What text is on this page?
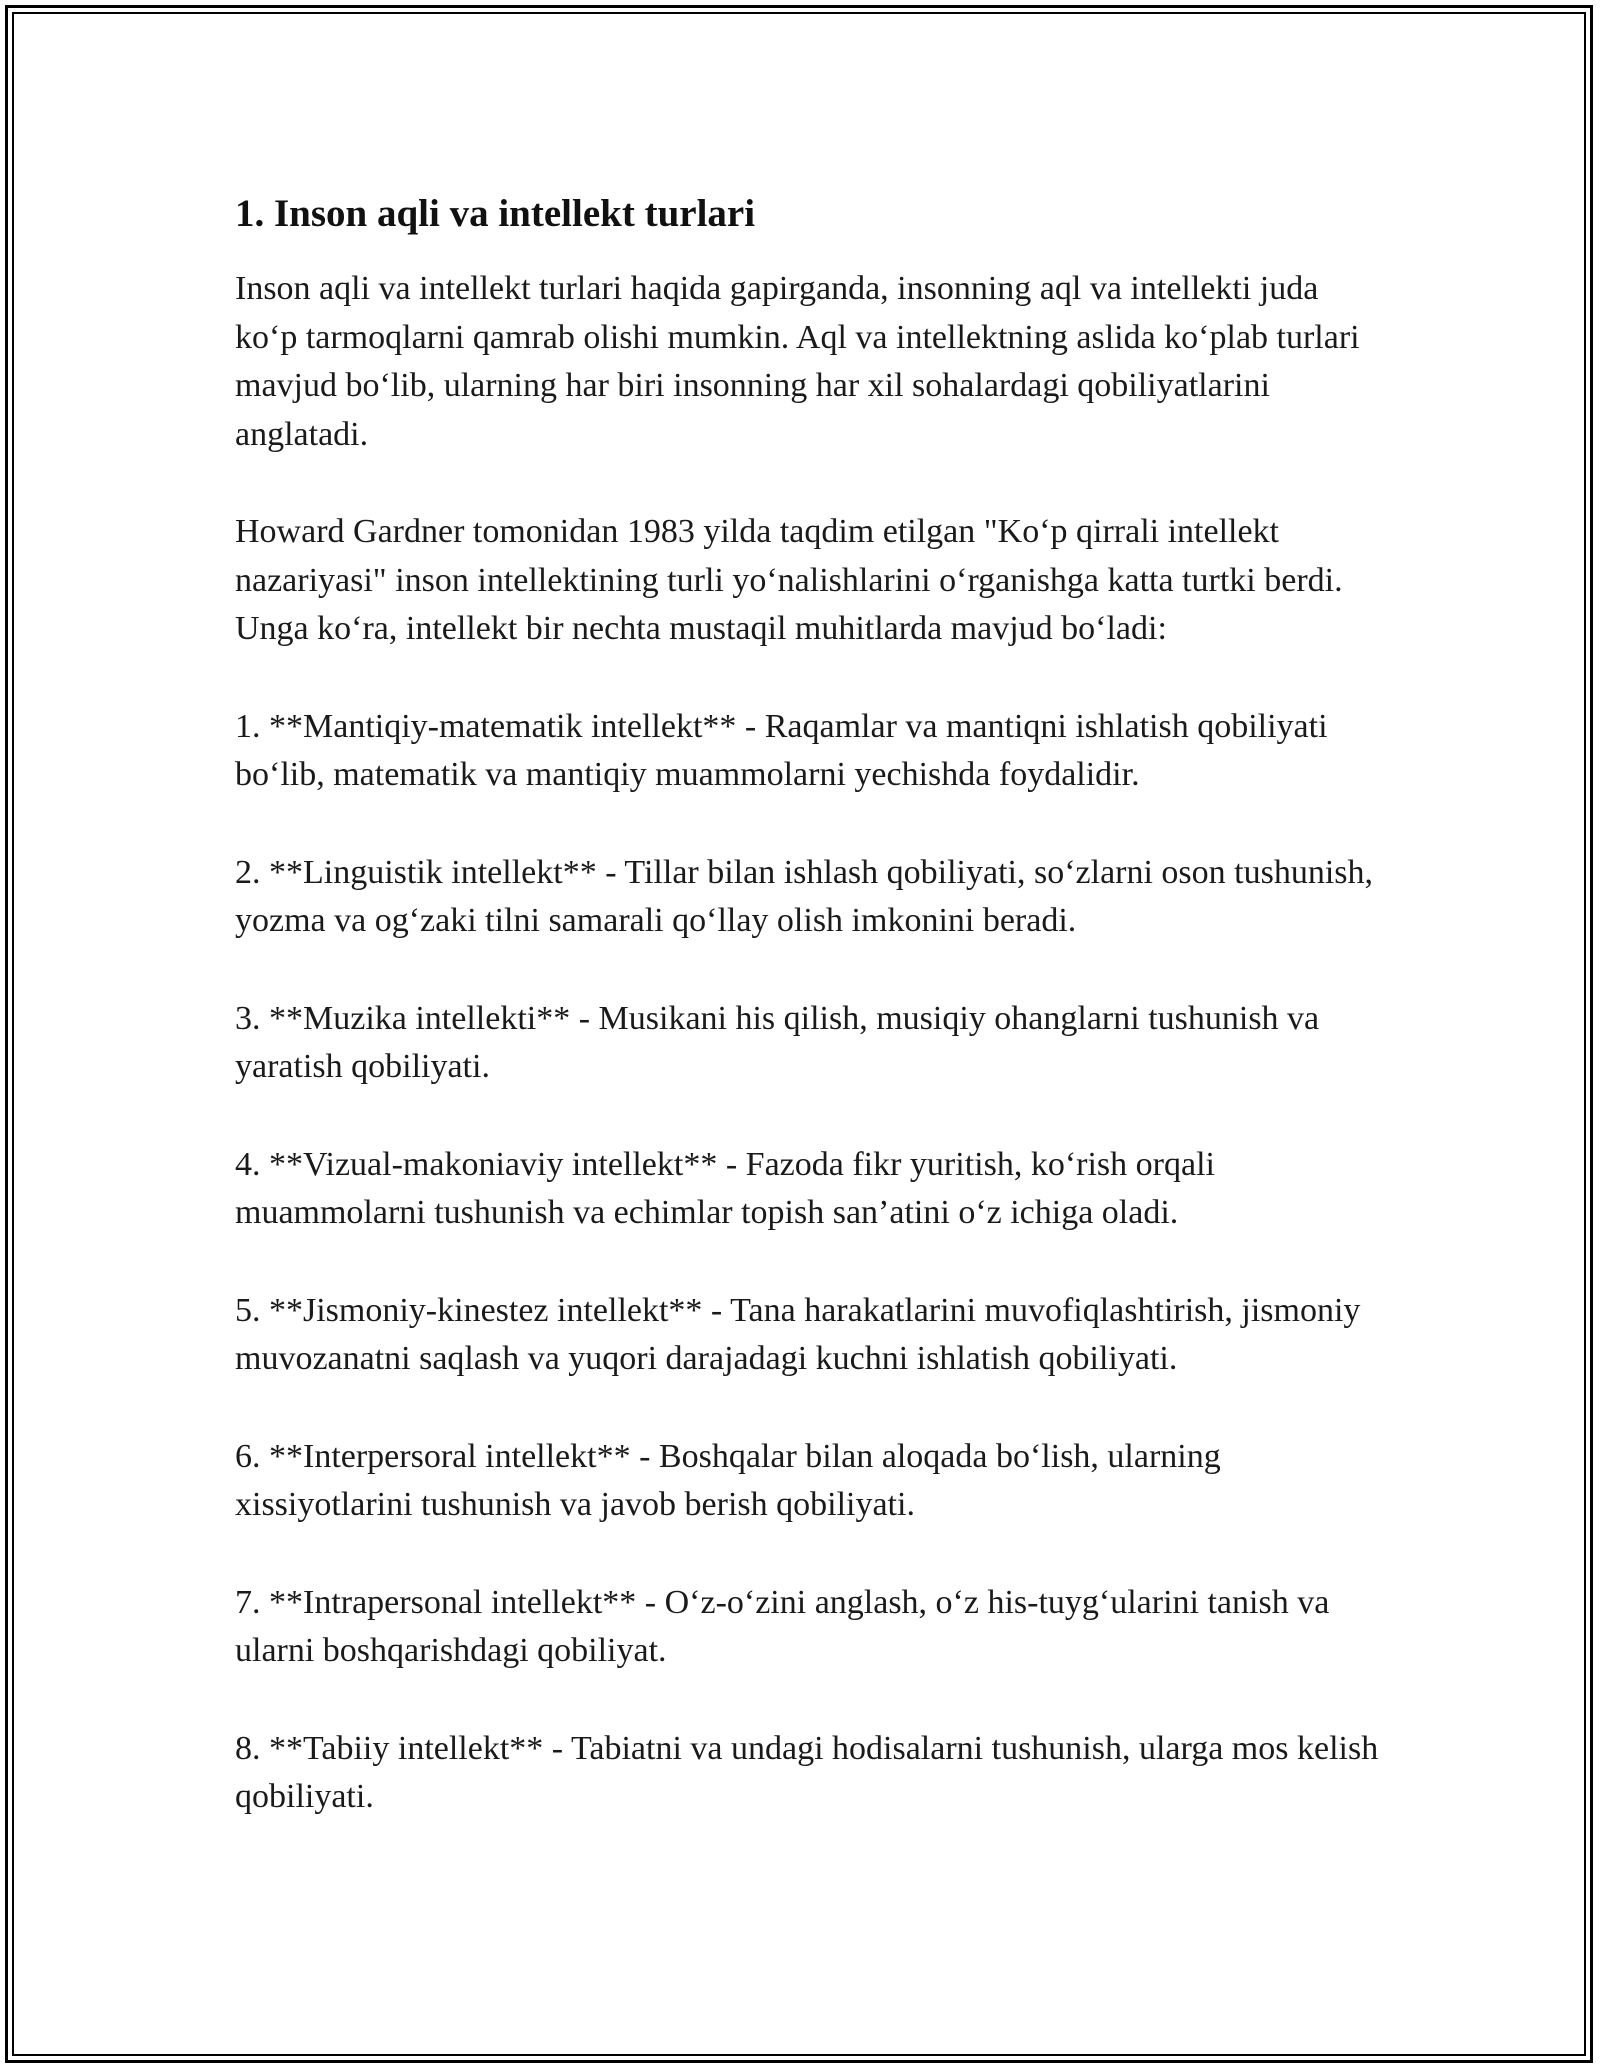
1. Inson aqli va intellekt turlari

Inson aqli va intellekt turlari haqida gapirganda, insonning aql va intellekti juda ko‘p tarmoqlarni qamrab olishi mumkin. Aql va intellektning aslida ko‘plab turlari mavjud bo‘lib, ularning har biri insonning har xil sohalardagi qobiliyatlarini anglatadi.

Howard Gardner tomonidan 1983 yilda taqdim etilgan "Ko‘p qirrali intellekt nazariyasi" inson intellektining turli yo‘nalishlarini o‘rganishga katta turtki berdi. Unga ko‘ra, intellekt bir nechta mustaqil muhitlarda mavjud bo‘ladi:

1. **Mantiqiy-matematik intellekt** - Raqamlar va mantiqni ishlatish qobiliyati bo‘lib, matematik va mantiqiy muammolarni yechishda foydalidir.

2. **Linguistik intellekt** - Tillar bilan ishlash qobiliyati, so‘zlarni oson tushunish, yozma va og‘zaki tilni samarali qo‘llay olish imkonini beradi.

3. **Muzika intellekti** - Musikani his qilish, musiqiy ohanglarni tushunish va yaratish qobiliyati.

4. **Vizual-makoniaviy intellekt** - Fazoda fikr yuritish, ko‘rish orqali muammolarni tushunish va echimlar topish san’atini o‘z ichiga oladi.

5. **Jismoniy-kinestez intellekt** - Tana harakatlarini muvofiqlashtirish, jismoniy muvozanatni saqlash va yuqori darajadagi kuchni ishlatish qobiliyati.

6. **Interpersoral intellekt** - Boshqalar bilan aloqada bo‘lish, ularning xissiyotlarini tushunish va javob berish qobiliyati.

7. **Intrapersonal intellekt** - O‘z-o‘zini anglash, o‘z his-tuyg‘ularini tanish va ularni boshqarishdagi qobiliyat.

8. **Tabiiy intellekt** - Tabiatni va undagi hodisalarni tushunish, ularga mos kelish qobiliyati.
